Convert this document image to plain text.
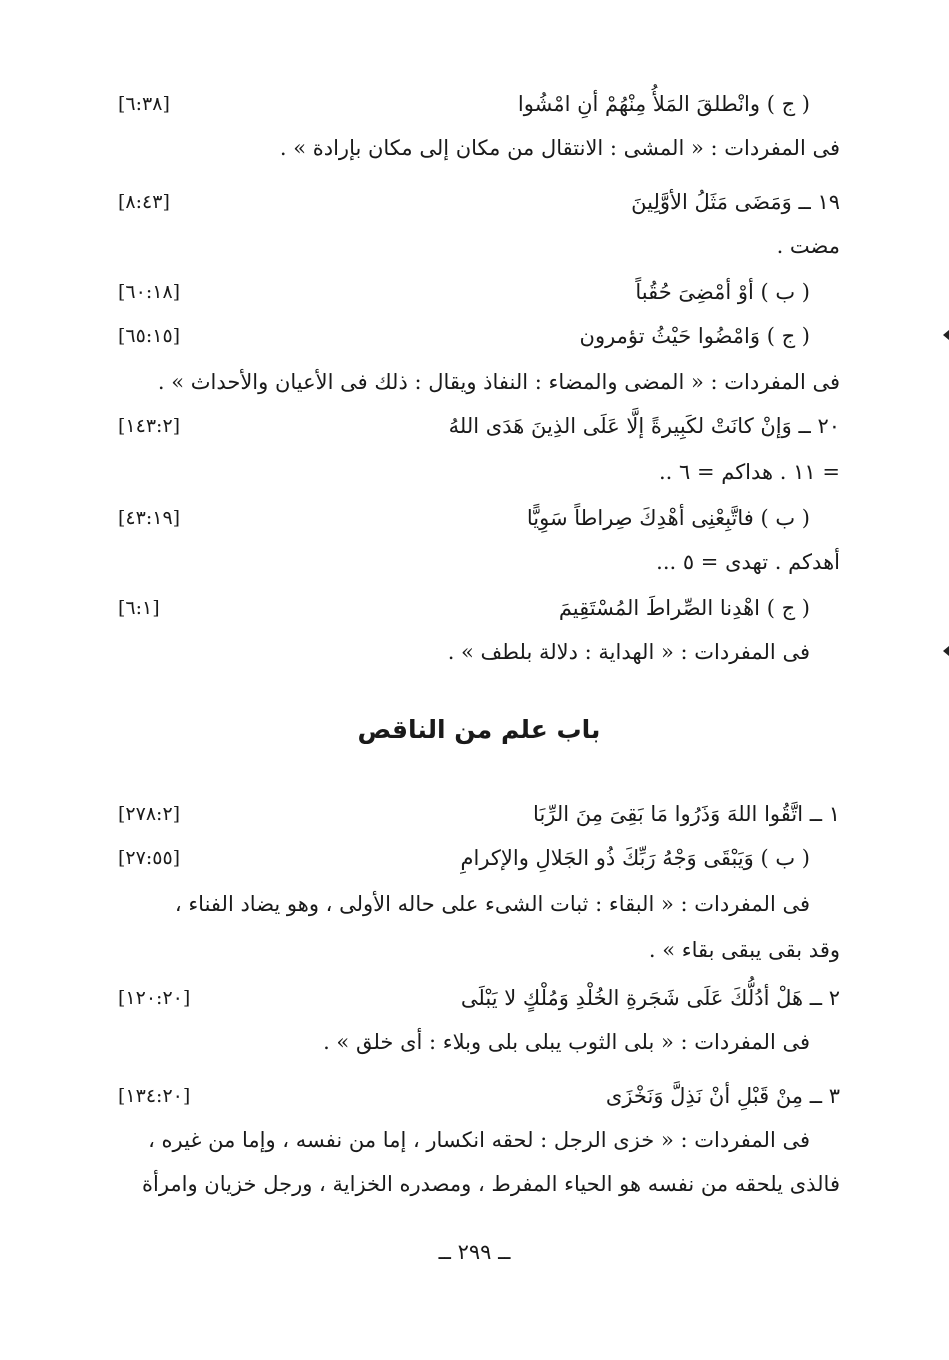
( ج ) وانْطلقَ المَلأُ مِنْهُمْ أنِ امْشُوا
[٦:٣٨]
فى المفردات : « المشى : الانتقال من مكان إلى مكان بإرادة » .
١٩ ــ وَمَضَى مَثَلُ الأوَّلِينَ
[٨:٤٣]
مضت .
( ب ) أوْ أمْضِىَ حُقُباً
[٦٠:١٨]
( ج ) وَامْضُوا حَيْثُ تؤمرون
[٦٥:١٥]
فى المفردات : « المضى والمضاء : النفاذ ويقال : ذلك فى الأعيان والأحداث » .
٢٠ ــ وَإنْ كانَتْ لكَبِيرةً إلَّا عَلَى الذِينَ هَدَى اللهُ
[١٤٣:٢]
= ١١ . هداكم = ٦ ..
( ب ) فاتَّبِعْنِى أهْدِكَ صِراطاً سَوِيًّا
[٤٣:١٩]
أهدكم . تهدى = ٥ ...
( ج ) اهْدِنا الصِّراطَ المُسْتَقِيمَ
[٦:١]
فى المفردات : « الهداية : دلالة بلطف » .
باب علم من الناقص
١ ــ اتَّقُوا اللهَ وَذَرُوا مَا بَقِىَ مِنَ الرِّبَا
[٢٧٨:٢]
( ب ) وَيَبْقَى وَجْهُ رَبِّكَ ذُو الجَلالِ والإكرامِ
[٢٧:٥٥]
فى المفردات : « البقاء : ثبات الشىء على حاله الأولى ، وهو يضاد الفناء ،
وقد بقى يبقى بقاء » .
٢ ــ هَلْ أدُلُّكَ عَلَى شَجَرةِ الخُلْدِ وَمُلْكٍ لا يَبْلَى
[١٢٠:٢٠]
فى المفردات : « بلى الثوب يبلى بلى وبلاء : أى خلق » .
٣ ــ مِنْ قَبْلِ أنْ نَذِلَّ وَنَخْزَى
[١٣٤:٢٠]
فى المفردات : « خزى الرجل : لحقه انكسار ، إما من نفسه ، وإما من غيره ،
فالذى يلحقه من نفسه هو الحياء المفرط ، ومصدره الخزاية ، ورجل خزيان وامرأة
ــ ٢٩٩ ــ
